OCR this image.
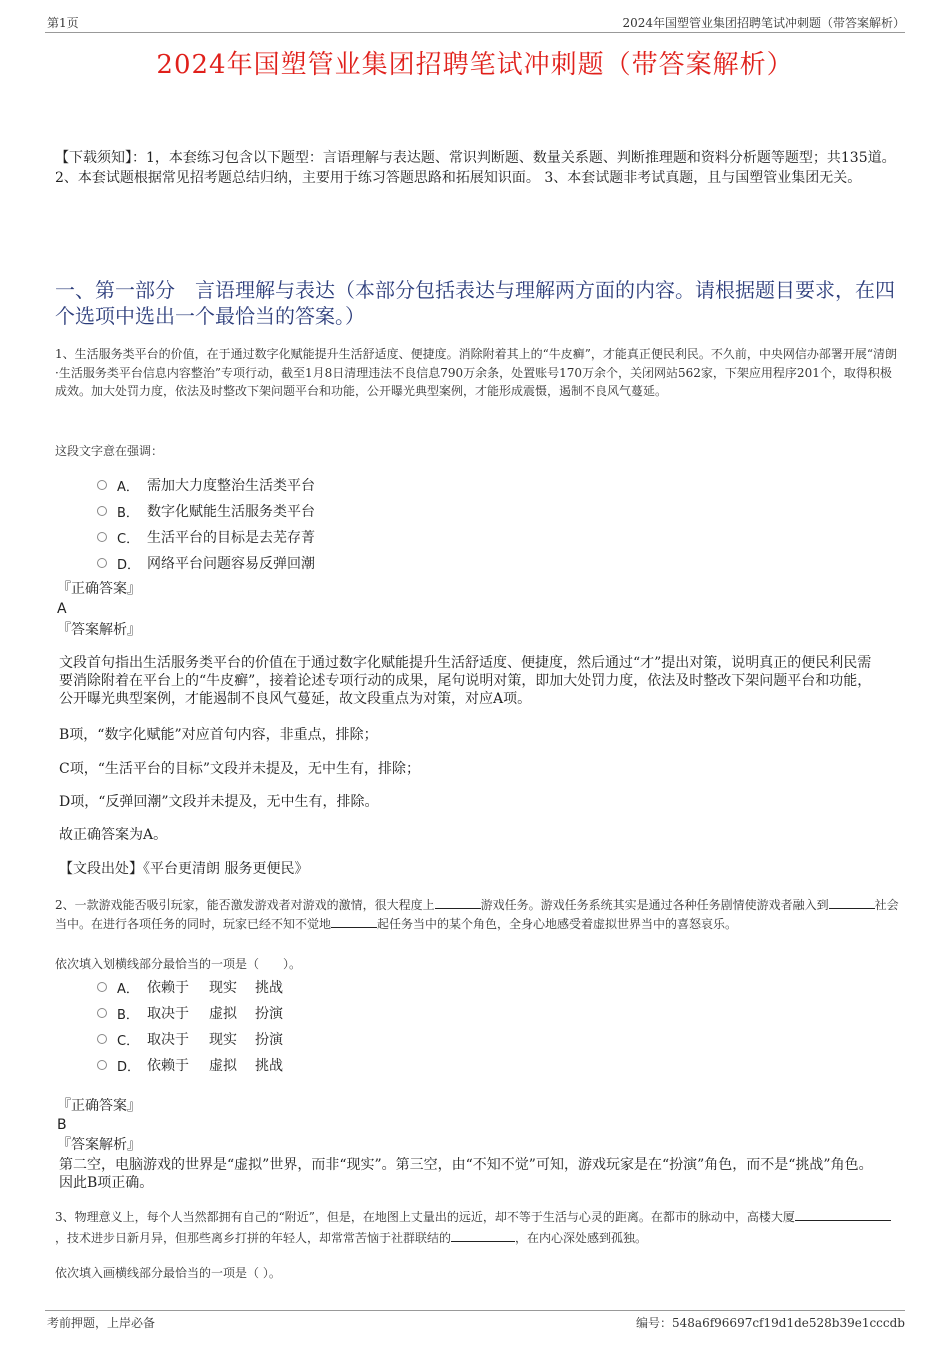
第1页	2024年国塑管业集团招聘笔试冲刺题（带答案解析）
2024年国塑管业集团招聘笔试冲刺题（带答案解析）
【下载须知】：1，本套练习包含以下题型：言语理解与表达题、常识判断题、数量关系题、判断推理题和资料分析题等题型；共135道。 2、本套试题根据常见招考题总结归纳，主要用于练习答题思路和拓展知识面。 3、本套试题非考试真题，且与国塑管业集团无关。
一、第一部分　言语理解与表达（本部分包括表达与理解两方面的内容。请根据题目要求，在四个选项中选出一个最恰当的答案。）
1、生活服务类平台的价值，在于通过数字化赋能提升生活舒适度、便捷度。消除附着其上的“牛皮癣”，才能真正便民利民。不久前，中央网信办部署开展“清朗·生活服务类平台信息内容整治”专项行动，截至1月8日清理违法不良信息790万余条，处置账号170万余个，关闭网站562家，下架应用程序201个，取得积极成效。加大处罚力度，依法及时整改下架问题平台和功能，公开曝光典型案例，才能形成震慑，遏制不良风气蔓延。
这段文字意在强调：
A． 需加大力度整治生活类平台
B． 数字化赋能生活服务类平台
C． 生活平台的目标是去芜存菁
D． 网络平台问题容易反弹回潮
『正确答案』
A
『答案解析』
文段首句指出生活服务类平台的价值在于通过数字化赋能提升生活舒适度、便捷度，然后通过“才”提出对策，说明真正的便民利民需要消除附着在平台上的“牛皮癣”，接着论述专项行动的成果，尾句说明对策，即加大处罚力度，依法及时整改下架问题平台和功能，公开曝光典型案例，才能遏制不良风气蔓延，故文段重点为对策，对应A项。
B项，“数字化赋能”对应首句内容，非重点，排除；
C项，“生活平台的目标”文段并未提及，无中生有，排除；
D项，“反弹回潮”文段并未提及，无中生有，排除。
故正确答案为A。
【文段出处】《平台更清朗 服务更便民》
2、一款游戏能否吸引玩家，能否激发游戏者对游戏的激情，很大程度上	游戏任务。游戏任务系统其实是通过各种任务剧情使游戏者融入到	社会当中。在进行各项任务的同时，玩家已经不知不觉地	起任务当中的某个角色，全身心地感受着虚拟世界当中的喜怒哀乐。
依次填入划横线部分最恰当的一项是（　　）。
A． 依赖于	现实	挑战
B． 取决于	虚拟	扮演
C． 取决于	现实	扮演
D． 依赖于	虚拟	挑战
『正确答案』
B
『答案解析』
第二空，电脑游戏的世界是“虚拟”世界，而非“现实”。第三空，由“不知不觉”可知，游戏玩家是在“扮演”角色，而不是“挑战”角色。因此B项正确。
3、物理意义上，每个人当然都拥有自己的“附近”，但是，在地图上丈量出的远近，却不等于生活与心灵的距离。在都市的脉动中，高楼大厦，技术进步日新月异，但那些离乡打拼的年轻人，却常常苦恼于社群联结的	，在内心深处感到孤独。
依次填入画横线部分最恰当的一项是（ ）。
考前押题，上岸必备	编号：548a6f96697cf19d1de528b39e1cccdb
